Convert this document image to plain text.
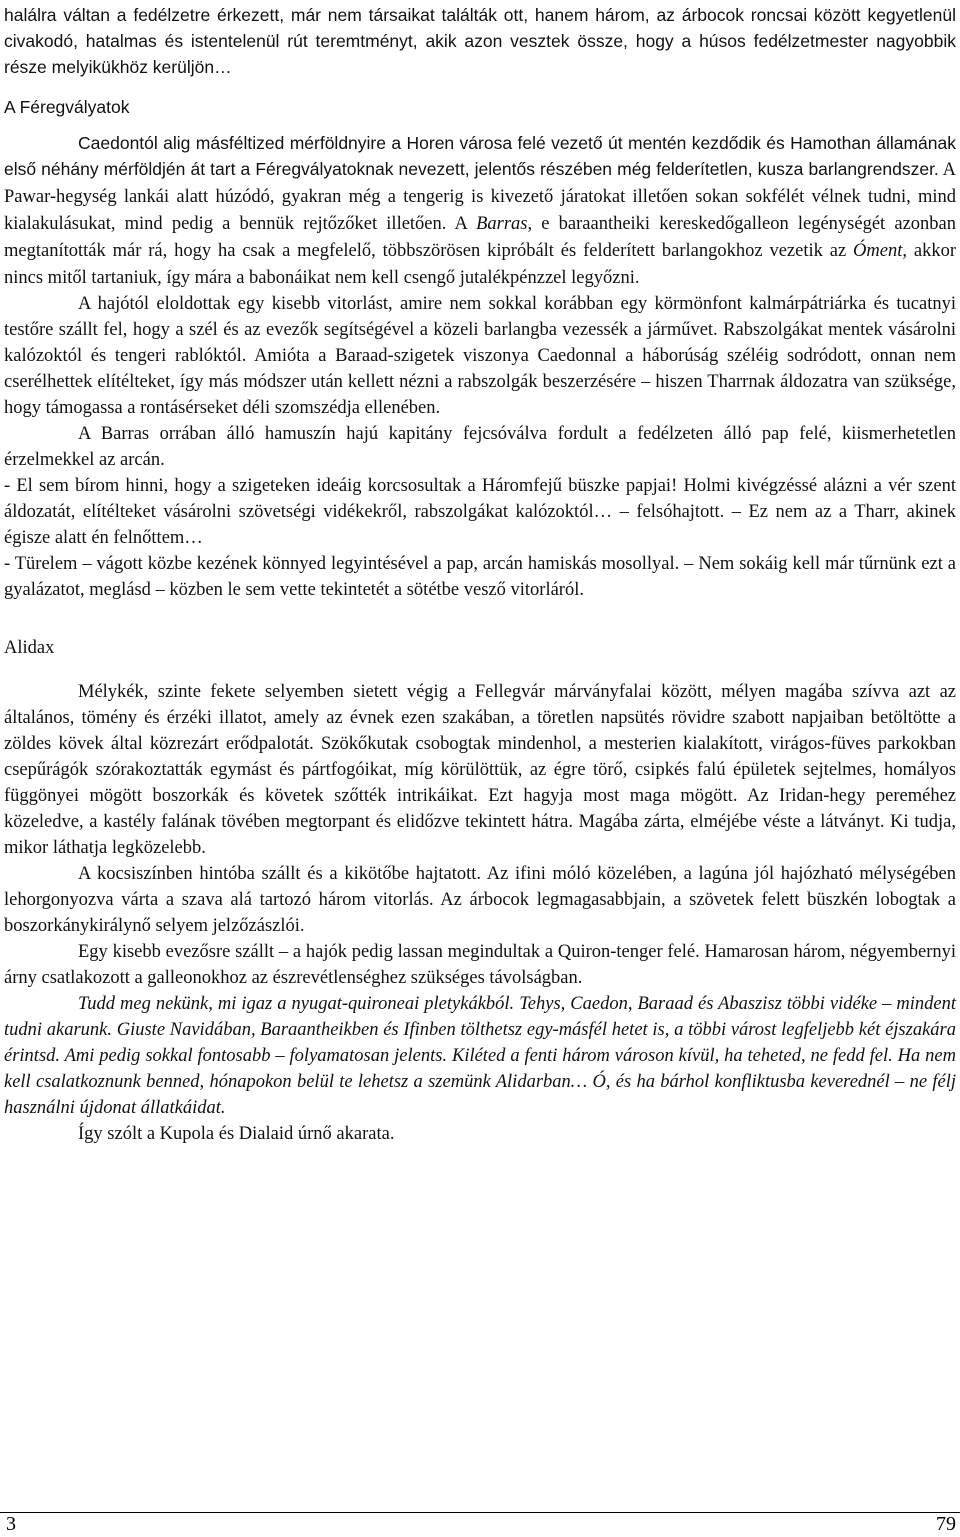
halálra váltan a fedélzetre érkezett, már nem társaikat találták ott, hanem három, az árbocok roncsai között kegyetlenül civakodó, hatalmas és istentelenül rút teremtményt, akik azon vesztek össze, hogy a húsos fedélzetmester nagyobbik része melyikükhöz kerüljön…

A Féregvályatok

Caedontól alig másféltized mérföldnyire a Horen városa felé vezető út mentén kezdődik és Hamothan államának első néhány mérföldjén át tart a Féregvályatoknak nevezett, jelentős részében még felderítetlen, kusza barlangrendszer. A Pawar-hegység lankái alatt húzódó, gyakran még a tengerig is kivezető járatokat illetően sokan sokfélét vélnek tudni, mind kialakulásukat, mind pedig a bennük rejtőzőket illetően. A Barras, e baraantheiki kereskedőgalleon legénységét azonban megtanították már rá, hogy ha csak a megfelelő, többszörösen kipróbált és felderített barlangokhoz vezetik az Óment, akkor nincs mitől tartaniuk, így mára a babonáikat nem kell csengő jutalékpénzzel legyőzni.

A hajótól eloldottak egy kisebb vitorlást, amire nem sokkal korábban egy körmönfont kalmárpátriárka és tucatnyi testőre szállt fel, hogy a szél és az evezők segítségével a közeli barlangba vezessék a járművet. Rabszolgákat mentek vásárolni kalózoktól és tengeri rablóktól. Amióta a Baraad-szigetek viszonya Caedonnal a háborúság széléig sodródott, onnan nem cserélhettek elítélteket, így más módszer után kellett nézni a rabszolgák beszerzésére – hiszen Tharrnak áldozatra van szüksége, hogy támogassa a rontásérseket déli szomszédja ellenében.

A Barras orrában álló hamuszín hajú kapitány fejcsóválva fordult a fedélzeten álló pap felé, kiismerhetetlen érzelmekkel az arcán.

- El sem bírom hinni, hogy a szigeteken ideáig korcsosultak a Háromfejű büszke papjai! Holmi kivégzéssé alázni a vér szent áldozatát, elítélteket vásárolni szövetségi vidékekről, rabszolgákat kalózoktól… – felsóhajtott. – Ez nem az a Tharr, akinek égisze alatt én felnőttem…

- Türelem – vágott közbe kezének könnyed legyintésével a pap, arcán hamiskás mosollyal. – Nem sokáig kell már tűrnünk ezt a gyalázatot, meglásd – közben le sem vette tekintetét a sötétbe vesző vitorláról.

Alidax

Mélykék, szinte fekete selyemben sietett végig a Fellegvár márványfalai között, mélyen magába szívva azt az általános, tömény és érzéki illatot, amely az évnek ezen szakában, a töretlen napsütés rövidre szabott napjaiban betöltötte a zöldes kövek által közrezárt erődpalotát. Szökőkutak csobogtak mindenhol, a mesterien kialakított, virágos-füves parkokban csepűrágók szórakoztatták egymást és pártfogóikat, míg körülöttük, az égre törő, csipkés falú épületek sejtelmes, homályos függönyei mögött boszorkák és követek szőtték intrikáikat. Ezt hagyja most maga mögött. Az Iridan-hegy pereméhez közeledve, a kastély falának tövében megtorpant és elidőzve tekintett hátra. Magába zárta, elméjébe véste a látványt. Ki tudja, mikor láthatja legközelebb.

A kocsiszínben hintóba szállt és a kikötőbe hajtatott. Az ifini móló közelében, a lagúna jól hajózható mélységében lehorgonyozva várta a szava alá tartozó három vitorlás. Az árbocok legmagasabbjain, a szövetek felett büszkén lobogtak a boszorkánykirálynő selyem jelzőzászlói.

Egy kisebb evezősre szállt – a hajók pedig lassan megindultak a Quiron-tenger felé. Hamarosan három, négyembernyi árny csatlakozott a galleonokhoz az észrevétlenséghez szükséges távolságban.

Tudd meg nekünk, mi igaz a nyugat-quironeai pletykákból. Tehys, Caedon, Baraad és Abaszisz többi vidéke – mindent tudni akarunk. Giuste Navidában, Baraantheikben és Ifinben tölthetsz egy-másfél hetet is, a többi várost legfeljebb két éjszakára érintsd. Ami pedig sokkal fontosabb – folyamatosan jelents. Kiléted a fenti három városon kívül, ha teheted, ne fedd fel. Ha nem kell csalatkoznunk benned, hónapokon belül te lehetsz a szemünk Alidarban… Ó, és ha bárhol konfliktusba keverednél – ne félj használni újdonat állatkáidat.

Így szólt a Kupola és Dialaid úrnő akarata.

3	79
